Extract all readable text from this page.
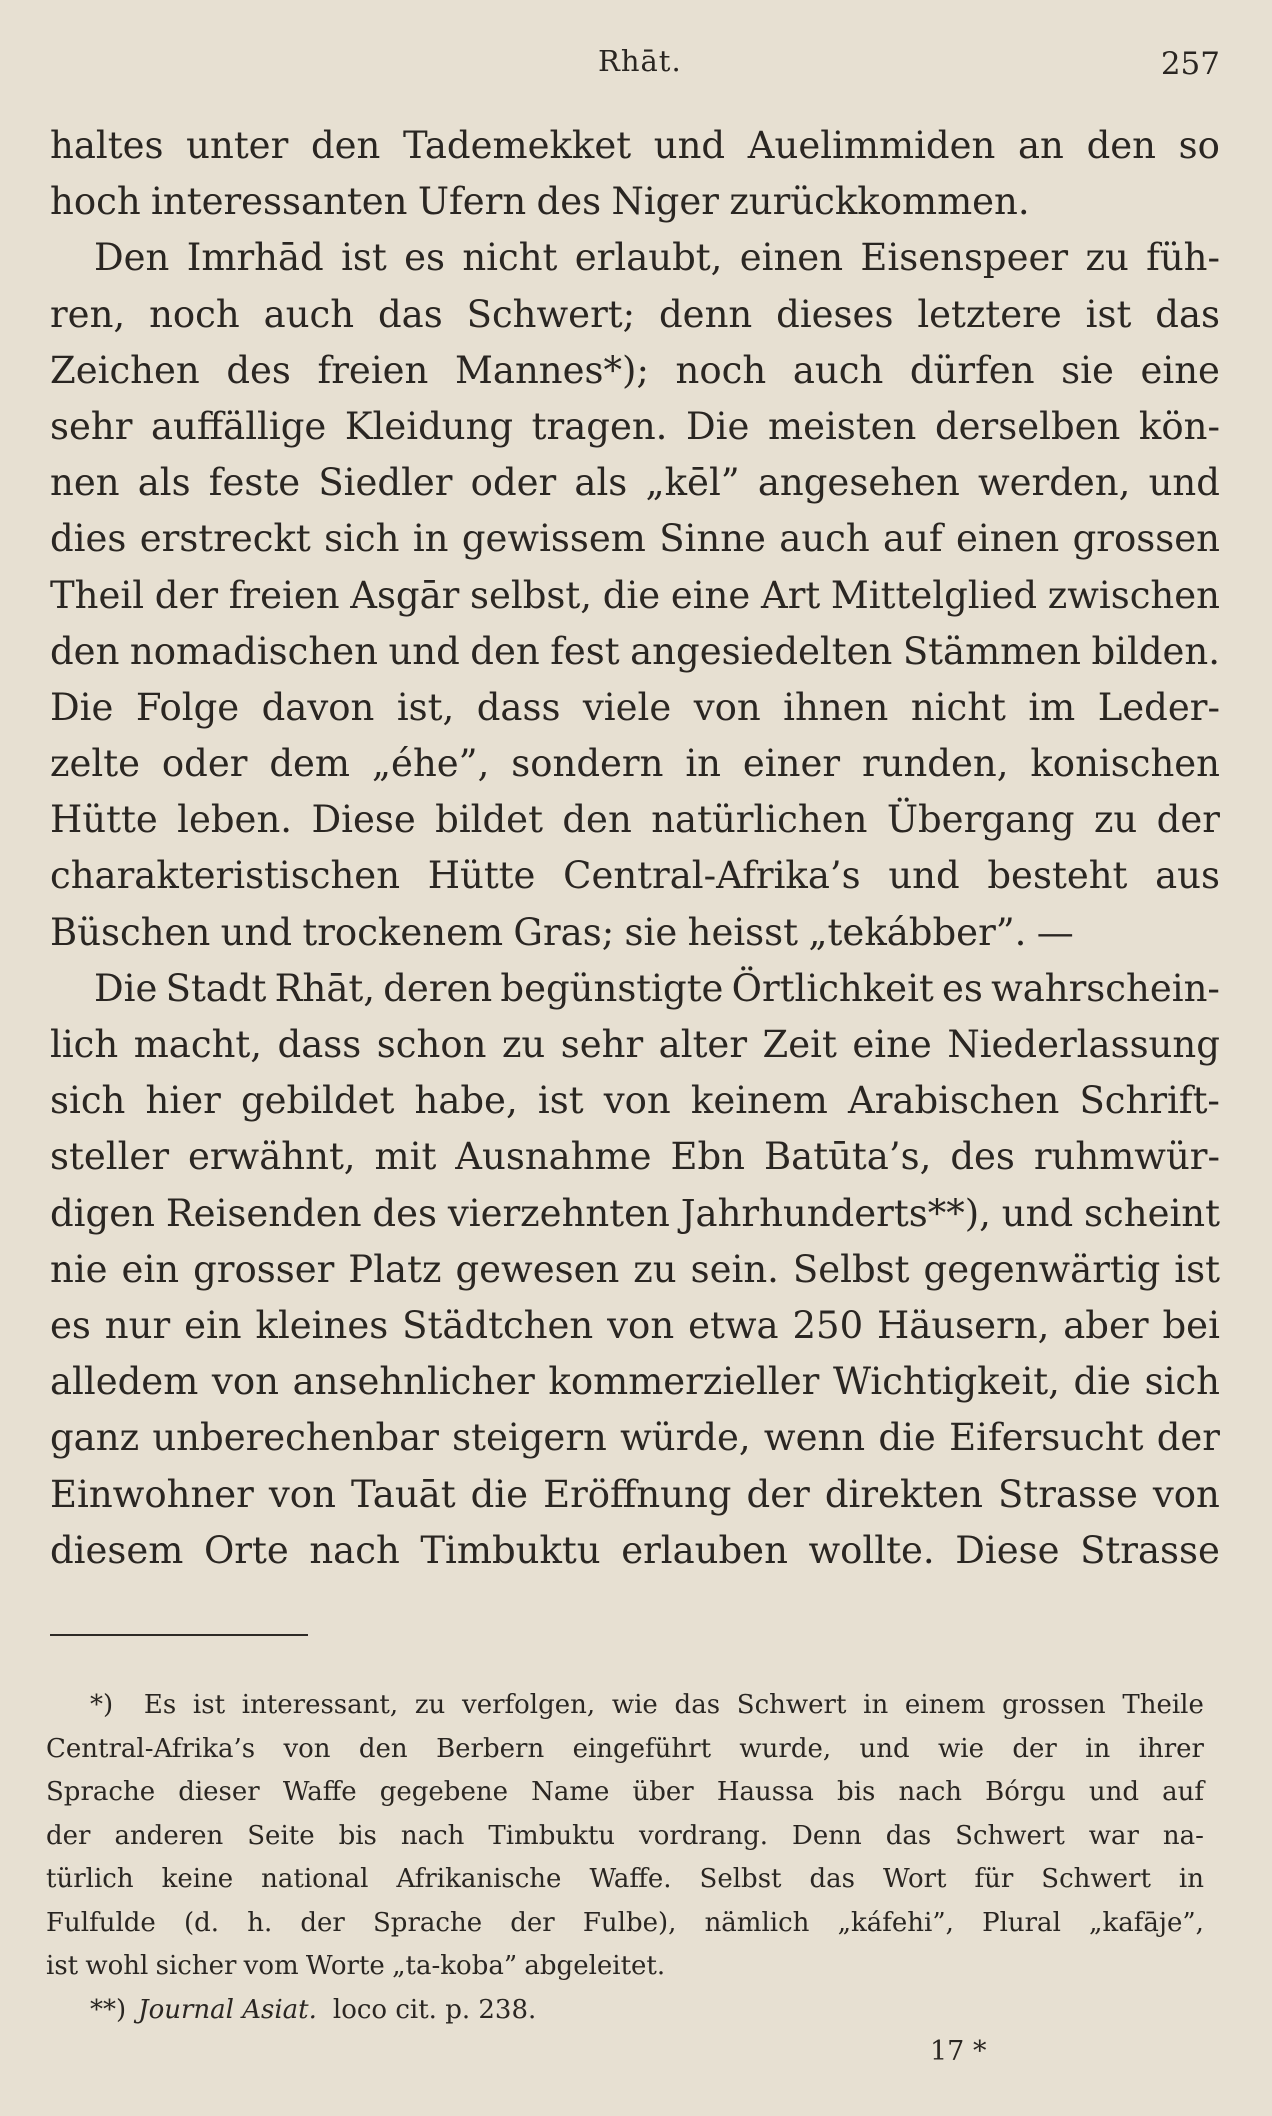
Rhāt.	257
haltes unter den Tademekket und Auelimmiden an den so
hoch interessanten Ufern des Niger zurückkommen.
Den Imrhād ist es nicht erlaubt, einen Eisenspeer zu füh-
ren, noch auch das Schwert; denn dieses letztere ist das
Zeichen des freien Mannes*); noch auch dürfen sie eine
sehr auffällige Kleidung tragen. Die meisten derselben kön-
nen als feste Siedler oder als „kēl” angesehen werden, und
dies erstreckt sich in gewissem Sinne auch auf einen grossen
Theil der freien Asgār selbst, die eine Art Mittelglied zwischen
den nomadischen und den fest angesiedelten Stämmen bilden.
Die Folge davon ist, dass viele von ihnen nicht im Leder-
zelte oder dem „éhe”, sondern in einer runden, konischen
Hütte leben. Diese bildet den natürlichen Übergang zu der
charakteristischen Hütte Central-Afrika’s und besteht aus
Büschen und trockenem Gras; sie heisst „tekábber”. —
Die Stadt Rhāt, deren begünstigte Örtlichkeit es wahrschein-
lich macht, dass schon zu sehr alter Zeit eine Niederlassung
sich hier gebildet habe, ist von keinem Arabischen Schrift-
steller erwähnt, mit Ausnahme Ebn Batūta’s, des ruhmwür-
digen Reisenden des vierzehnten Jahrhunderts**), und scheint
nie ein grosser Platz gewesen zu sein. Selbst gegenwärtig ist
es nur ein kleines Städtchen von etwa 250 Häusern, aber bei
alledem von ansehnlicher kommerzieller Wichtigkeit, die sich
ganz unberechenbar steigern würde, wenn die Eifersucht der
Einwohner von Tauāt die Eröffnung der direkten Strasse von
diesem Orte nach Timbuktu erlauben wollte. Diese Strasse
*) Es ist interessant, zu verfolgen, wie das Schwert in einem grossen Theile
Central-Afrika’s von den Berbern eingeführt wurde, und wie der in ihrer
Sprache dieser Waffe gegebene Name über Haussa bis nach Bórgu und auf
der anderen Seite bis nach Timbuktu vordrang. Denn das Schwert war na-
türlich keine national Afrikanische Waffe. Selbst das Wort für Schwert in
Fulfulde (d. h. der Sprache der Fulbe), nämlich „káfehi”, Plural „kafāje”,
ist wohl sicher vom Worte „ta-koba” abgeleitet.
**) Journal Asiat. loco cit. p. 238.
17 *
